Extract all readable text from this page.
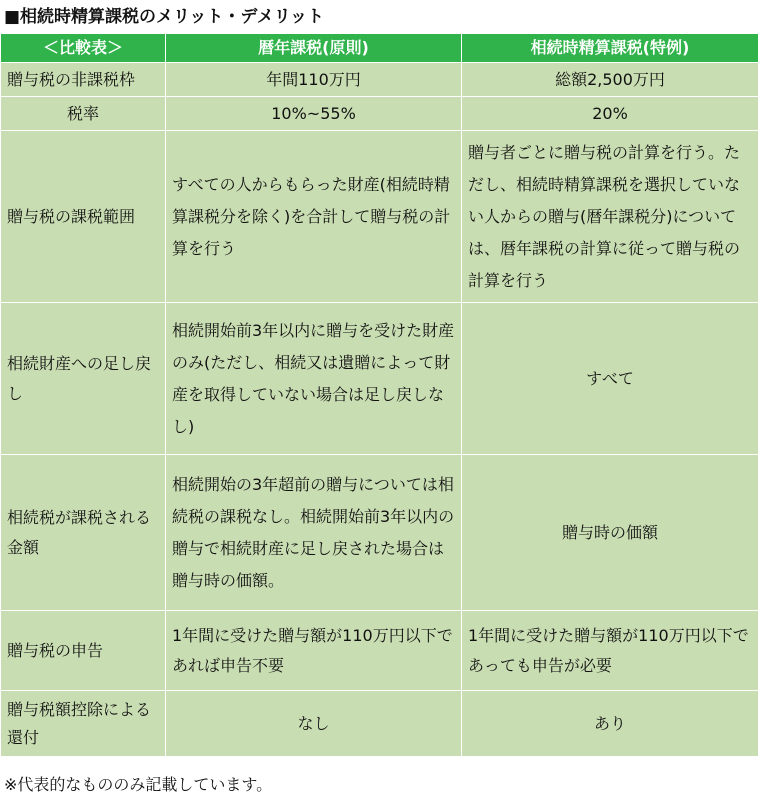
■相続時精算課税のメリット・デメリット
＜比較表＞	暦年課税(原則)	相続時精算課税(特例)
贈与税の非課税枠	年間110万円	総額2,500万円
税率	10%~55%	20%
贈与税の課税範囲	すべての人からもらった財産(相続時精算課税分を除く)を合計して贈与税の計算を行う	贈与者ごとに贈与税の計算を行う。ただし、相続時精算課税を選択していない人からの贈与(暦年課税分)については、暦年課税の計算に従って贈与税の計算を行う
相続財産への足し戻し	相続開始前3年以内に贈与を受けた財産のみ(ただし、相続又は遺贈によって財産を取得していない場合は足し戻しなし)	すべて
相続税が課税される金額	相続開始の3年超前の贈与については相続税の課税なし。相続開始前3年以内の贈与で相続財産に足し戻された場合は贈与時の価額。	贈与時の価額
贈与税の申告	1年間に受けた贈与額が110万円以下であれば申告不要	1年間に受けた贈与額が110万円以下であっても申告が必要
贈与税額控除による還付	なし	あり
※代表的なもののみ記載しています。
